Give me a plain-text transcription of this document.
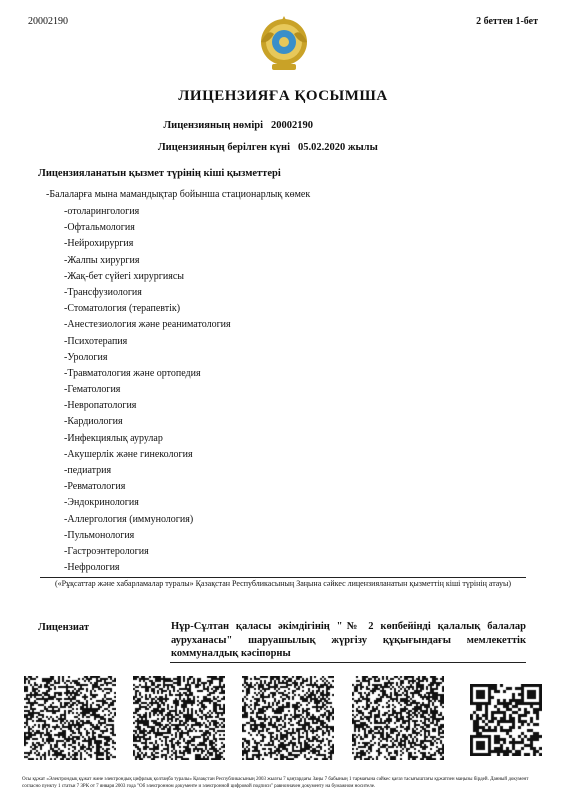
20002190	2 беттен 1-бет
ЛИЦЕНЗИЯҒА ҚОСЫМША
Лицензияның нөмірі 20002190
Лицензияның берілген күні 05.02.2020 жылы
Лицензияланатын қызмет түрінің кіші қызметтері
-Балаларға мына мамандықтар бойынша стационарлық көмек
-отоларингология
-Офтальмология
-Нейрохирургия
-Жалпы хирургия
-Жақ-бет сүйегі хирургиясы
-Трансфузиология
-Стоматология (терапевтік)
-Анестезиология және реаниматология
-Психотерапия
-Урология
-Травматология және ортопедия
-Гематология
-Невропатология
-Кардиология
-Инфекциялық аурулар
-Акушерлік және гинекология
-педиатрия
-Ревматология
-Эндокринология
-Аллергология (иммунология)
-Пульмонология
-Гастроэнтерология
-Нефрология
(«Рұқсаттар және хабарламалар туралы» Қазақстан Республикасының Заңына сәйкес лицензияланатын қызметтің кіші түрінің атауы)
Лицензиат	Нұр-Сұлтан қаласы әкімдігінің "№ 2 көпбейінді қалалық балалар ауруханасы" шаруашылық жүргізу құқығындағы мемлекеттік коммуналдық кәсіпорны
Осы құжат «Электрондық құжат және электрондық цифрлық қолтаңба туралы» Қазақстан Республикасының 2003 жылғы 7 қаңтардағы Заңы 7 бабының 1 тармағына сәйкес қағаз тасығыштағы құжатпен маңызы бірдей. Данный документ согласно пункту 1 статьи 7 ЗРК от 7 января 2003 года "Об электронном документе и электронной цифровой подписи" равнозначен документу на бумажном носителе.
